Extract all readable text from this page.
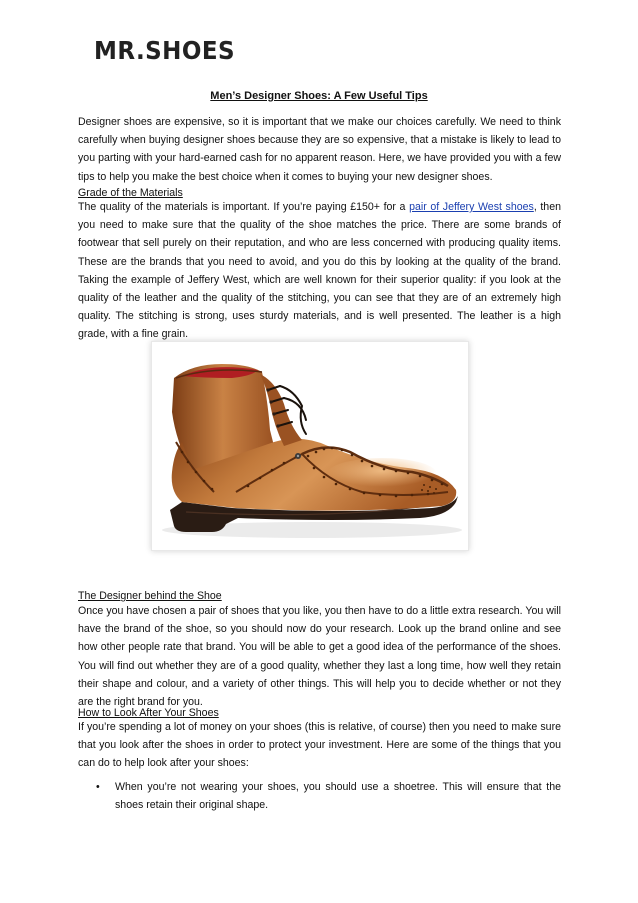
MR.SHOES
Men’s Designer Shoes: A Few Useful Tips

Designer shoes are expensive, so it is important that we make our choices carefully. We need to think carefully when buying designer shoes because they are so expensive, that a mistake is likely to lead to you parting with your hard-earned cash for no apparent reason. Here, we have provided you with a few tips to help you make the best choice when it comes to buying your new designer shoes.

Grade of the Materials

The quality of the materials is important. If you’re paying £150+ for a pair of Jeffery West shoes, then you need to make sure that the quality of the shoe matches the price. There are some brands of footwear that sell purely on their reputation, and who are less concerned with producing quality items. These are the brands that you need to avoid, and you do this by looking at the quality of the brand. Taking the example of Jeffery West, which are well known for their superior quality: if you look at the quality of the leather and the quality of the stitching, you can see that they are of an extremely high quality. The stitching is strong, uses sturdy materials, and is well presented. The leather is a high grade, with a fine grain.

The Designer behind the Shoe

Once you have chosen a pair of shoes that you like, you then have to do a little extra research. You will have the brand of the shoe, so you should now do your research. Look up the brand online and see how other people rate that brand. You will be able to get a good idea of the performance of the shoes. You will find out whether they are of a good quality, whether they last a long time, how well they retain their shape and colour, and a variety of other things. This will help you to decide whether or not they are the right brand for you.

How to Look After Your Shoes

If you’re spending a lot of money on your shoes (this is relative, of course) then you need to make sure that you look after the shoes in order to protect your investment. Here are some of the things that you can do to help look after your shoes:

• When you’re not wearing your shoes, you should use a shoetree. This will ensure that the shoes retain their original shape.
